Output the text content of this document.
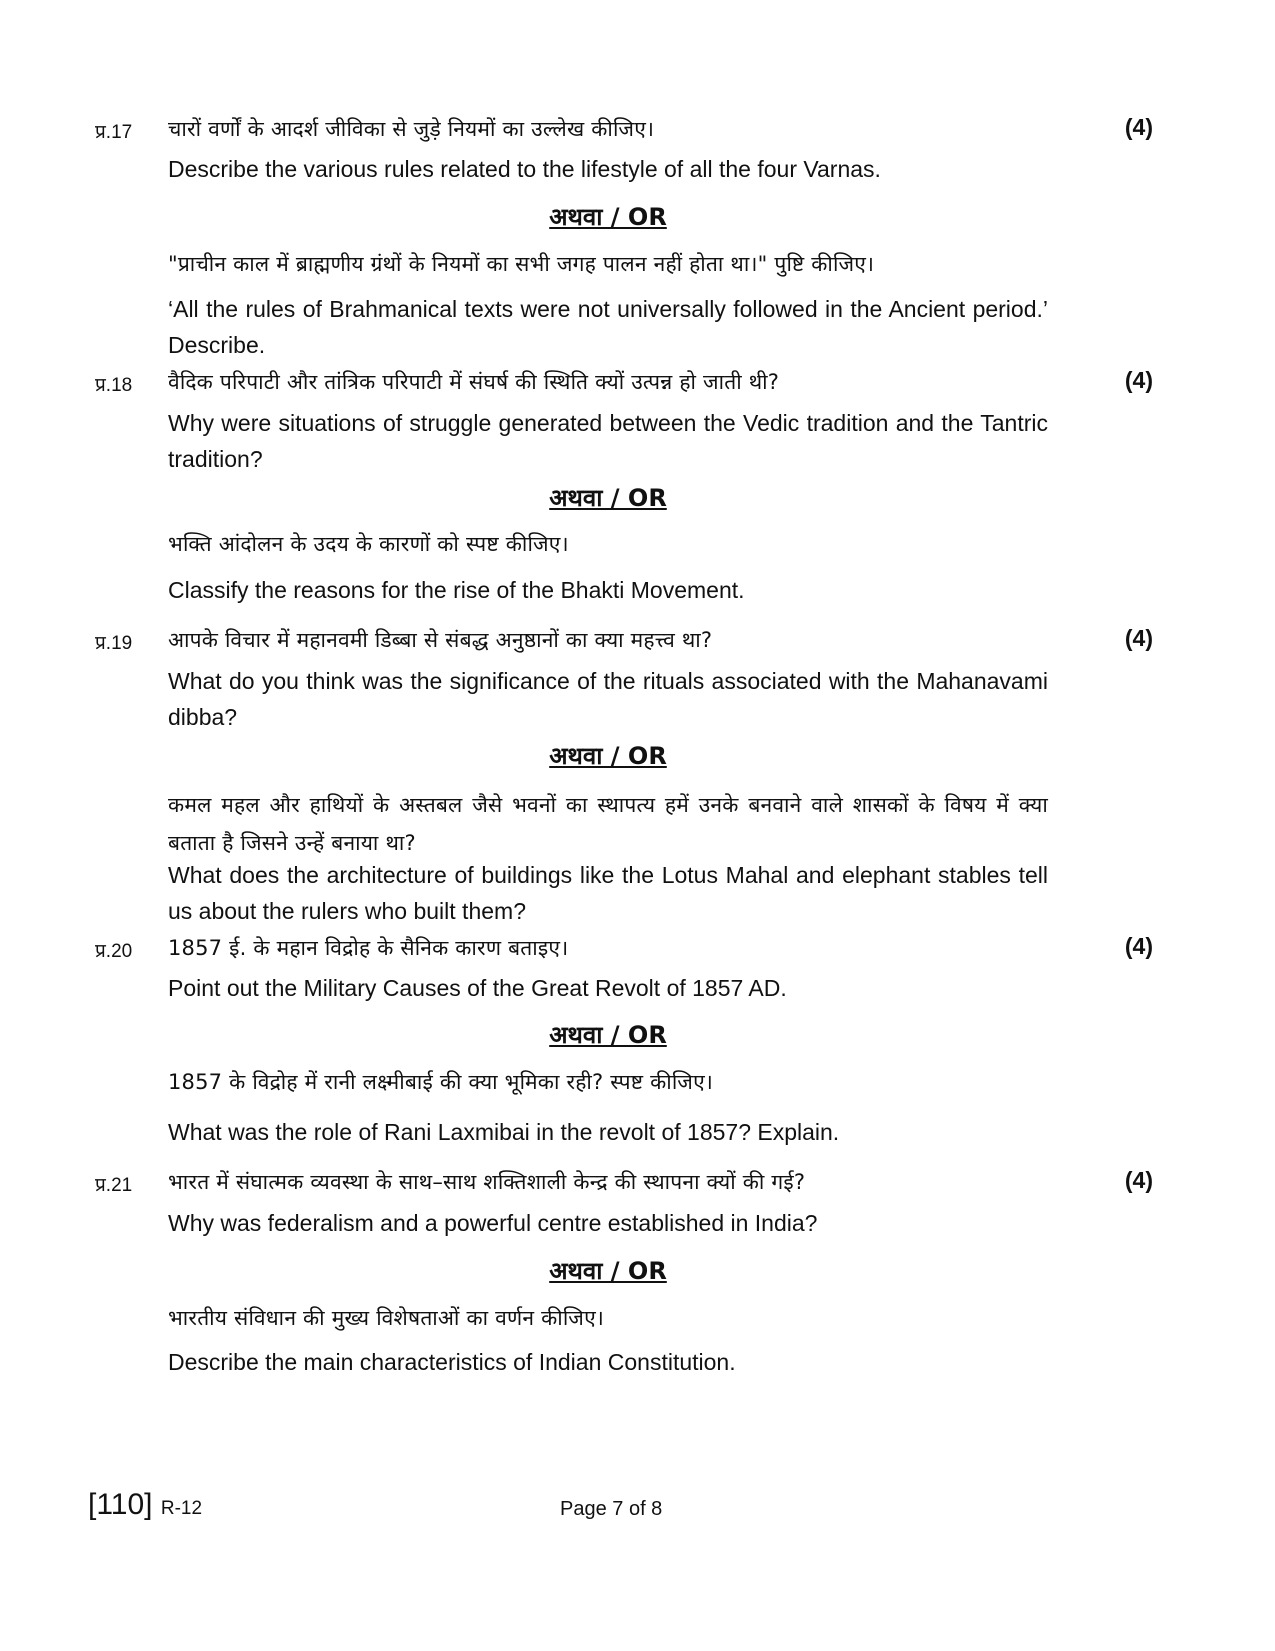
प्र.17 चारों वर्णों के आदर्श जीविका से जुड़े नियमों का उल्लेख कीजिए।	(4)
Describe the various rules related to the lifestyle of all the four Varnas.
अथवा / OR
"प्राचीन काल में ब्राह्मणीय ग्रंथों के नियमों का सभी जगह पालन नहीं होता था।" पुष्टि कीजिए।
‘All the rules of Brahmanical texts were not universally followed in the Ancient period.’ Describe.
प्र.18 वैदिक परिपाटी और तांत्रिक परिपाटी में संघर्ष की स्थिति क्यों उत्पन्न हो जाती थी?	(4)
Why were situations of struggle generated between the Vedic tradition and the Tantric tradition?
अथवा / OR
भक्ति आंदोलन के उदय के कारणों को स्पष्ट कीजिए।
Classify the reasons for the rise of the Bhakti Movement.
प्र.19 आपके विचार में महानवमी डिब्बा से संबद्ध अनुष्ठानों का क्या महत्त्व था?	(4)
What do you think was the significance of the rituals associated with the Mahanavami dibba?
अथवा / OR
कमल महल और हाथियों के अस्तबल जैसे भवनों का स्थापत्य हमें उनके बनवाने वाले शासकों के विषय में क्या बताता है जिसने उन्हें बनाया था?
What does the architecture of buildings like the Lotus Mahal and elephant stables tell us about the rulers who built them?
प्र.20 1857 ई. के महान विद्रोह के सैनिक कारण बताइए।	(4)
Point out the Military Causes of the Great Revolt of 1857 AD.
अथवा / OR
1857 के विद्रोह में रानी लक्ष्मीबाई की क्या भूमिका रही? स्पष्ट कीजिए।
What was the role of Rani Laxmibai in the revolt of 1857? Explain.
प्र.21 भारत में संघात्मक व्यवस्था के साथ–साथ शक्तिशाली केन्द्र की स्थापना क्यों की गई?	(4)
Why was federalism and a powerful centre established in India?
अथवा / OR
भारतीय संविधान की मुख्य विशेषताओं का वर्णन कीजिए।
Describe the main characteristics of Indian Constitution.
[110] R-12	Page 7 of 8
